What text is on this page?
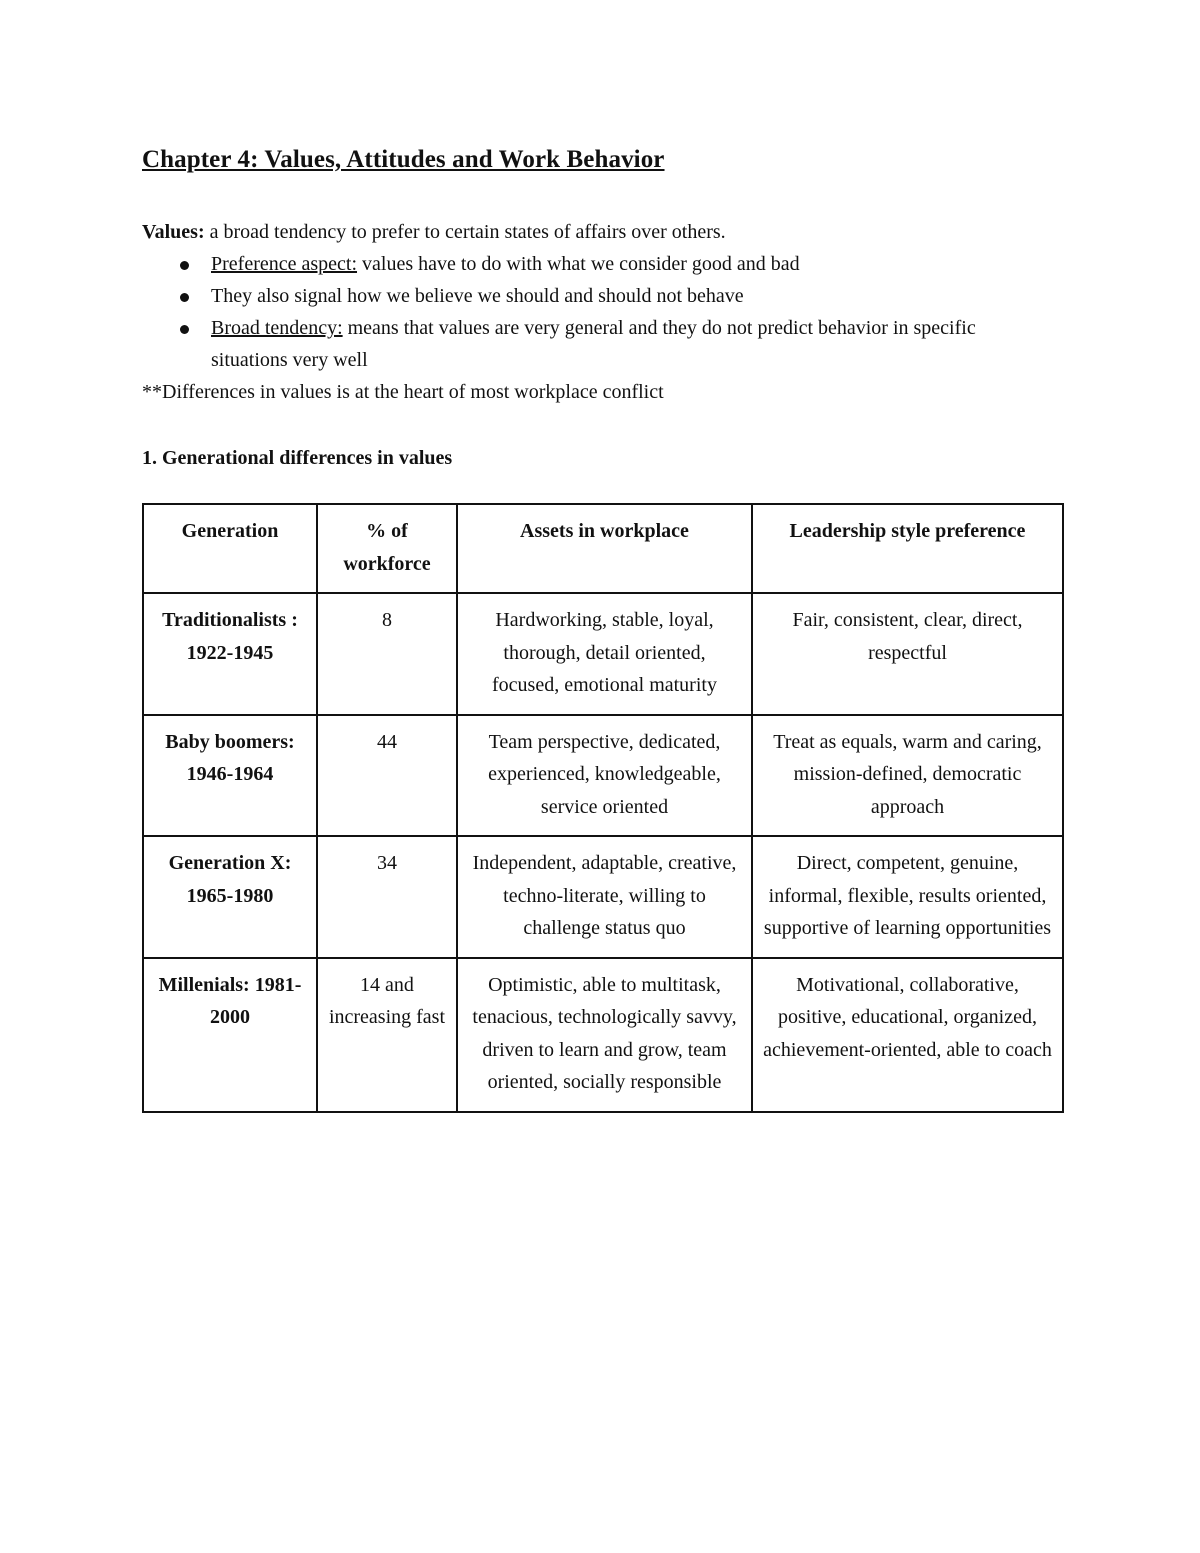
Chapter 4: Values, Attitudes and Work Behavior
Values: a broad tendency to prefer to certain states of affairs over others.
Preference aspect: values have to do with what we consider good and bad
They also signal how we believe we should and should not behave
Broad tendency: means that values are very general and they do not predict behavior in specific situations very well
**Differences in values is at the heart of most workplace conflict
1. Generational differences in values
Generation	% of workforce	Assets in workplace	Leadership style preference
Traditionalists : 1922-1945	8	Hardworking, stable, loyal, thorough, detail oriented, focused, emotional maturity	Fair, consistent, clear, direct, respectful
Baby boomers: 1946-1964	44	Team perspective, dedicated, experienced, knowledgeable, service oriented	Treat as equals, warm and caring, mission-defined, democratic approach
Generation X: 1965-1980	34	Independent, adaptable, creative, techno-literate, willing to challenge status quo	Direct, competent, genuine, informal, flexible, results oriented, supportive of learning opportunities
Millenials: 1981-2000	14 and increasing fast	Optimistic, able to multitask, tenacious, technologically savvy, driven to learn and grow, team oriented, socially responsible	Motivational, collaborative, positive, educational, organized, achievement-oriented, able to coach
